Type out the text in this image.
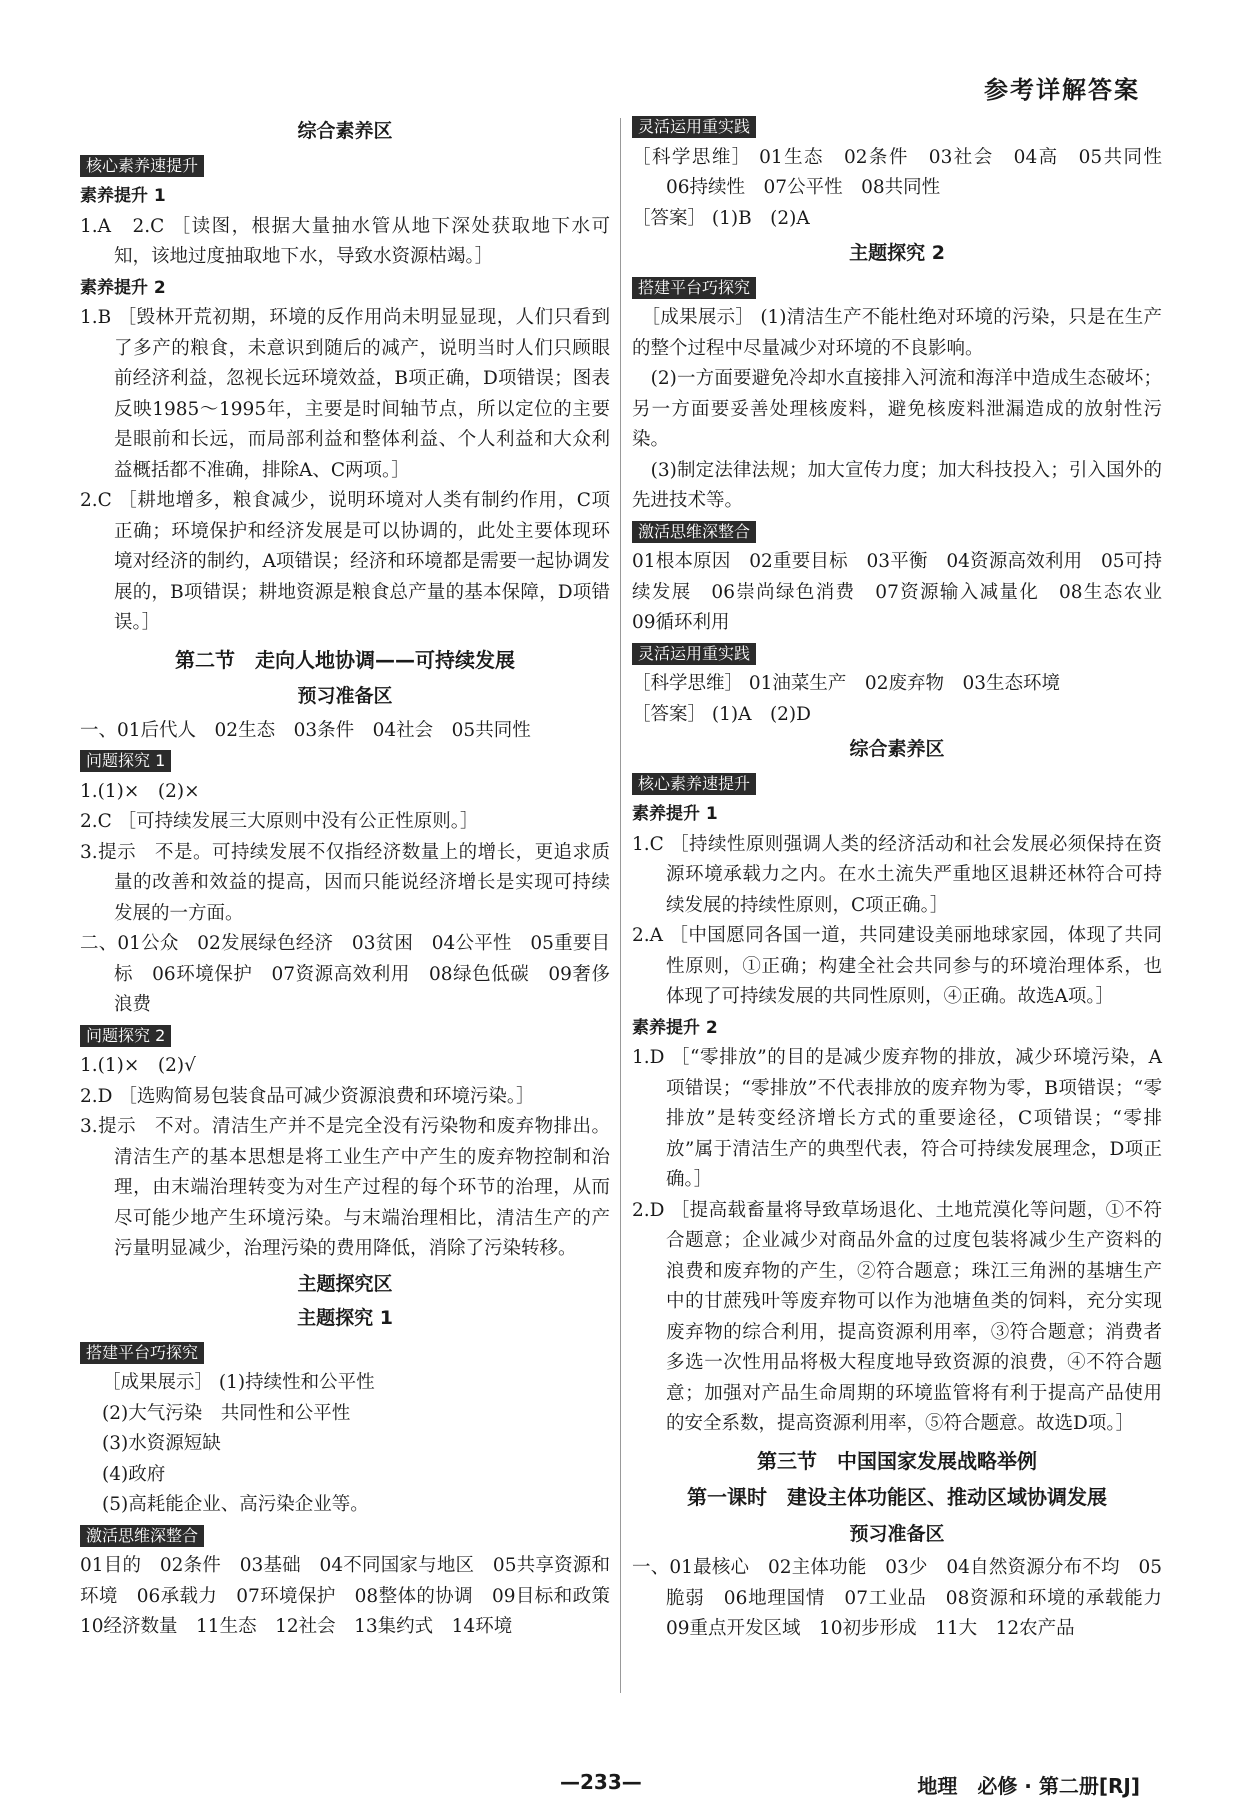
参考详解答案
综合素养区
核心素养速提升
素养提升 1
1.A　2.C ［读图，根据大量抽水管从地下深处获取地下水可知，该地过度抽取地下水，导致水资源枯竭。］
素养提升 2
1.B ［毁林开荒初期，环境的反作用尚未明显显现，人们只看到了多产的粮食，未意识到随后的减产，说明当时人们只顾眼前经济利益，忽视长远环境效益，B项正确，D项错误；图表反映1985～1995年，主要是时间轴节点，所以定位的主要是眼前和长远，而局部利益和整体利益、个人利益和大众利益概括都不准确，排除A、C两项。］
2.C ［耕地增多，粮食减少，说明环境对人类有制约作用，C项正确；环境保护和经济发展是可以协调的，此处主要体现环境对经济的制约，A项错误；经济和环境都是需要一起协调发展的，B项错误；耕地资源是粮食总产量的基本保障，D项错误。］
第二节　走向人地协调——可持续发展
预习准备区
一、01后代人　02生态　03条件　04社会　05共同性
问题探究 1
1.(1)×　(2)×
2.C ［可持续发展三大原则中没有公正性原则。］
3.提示　不是。可持续发展不仅指经济数量上的增长，更追求质量的改善和效益的提高，因而只能说经济增长是实现可持续发展的一方面。
二、01公众　02发展绿色经济　03贫困　04公平性　05重要目标　06环境保护　07资源高效利用　08绿色低碳　09奢侈浪费
问题探究 2
1.(1)×　(2)√
2.D ［选购简易包装食品可减少资源浪费和环境污染。］
3.提示　不对。清洁生产并不是完全没有污染物和废弃物排出。清洁生产的基本思想是将工业生产中产生的废弃物控制和治理，由末端治理转变为对生产过程的每个环节的治理，从而尽可能少地产生环境污染。与末端治理相比，清洁生产的产污量明显减少，治理污染的费用降低，消除了污染转移。
主题探究区
主题探究 1
搭建平台巧探究
［成果展示］ (1)持续性和公平性
(2)大气污染　共同性和公平性
(3)水资源短缺
(4)政府
(5)高耗能企业、高污染企业等。
激活思维深整合
01目的　02条件　03基础　04不同国家与地区　05共享资源和环境　06承载力　07环境保护　08整体的协调　09目标和政策　10经济数量　11生态　12社会　13集约式　14环境
灵活运用重实践
［科学思维］ 01生态　02条件　03社会　04高　05共同性　06持续性　07公平性　08共同性
［答案］ (1)B　(2)A
主题探究 2
搭建平台巧探究
　［成果展示］ (1)清洁生产不能杜绝对环境的污染，只是在生产的整个过程中尽量减少对环境的不良影响。
　(2)一方面要避免冷却水直接排入河流和海洋中造成生态破坏；另一方面要妥善处理核废料，避免核废料泄漏造成的放射性污染。
　(3)制定法律法规；加大宣传力度；加大科技投入；引入国外的先进技术等。
激活思维深整合
01根本原因　02重要目标　03平衡　04资源高效利用　05可持续发展　06崇尚绿色消费　07资源输入减量化　08生态农业　09循环利用
灵活运用重实践
［科学思维］ 01油菜生产　02废弃物　03生态环境
［答案］ (1)A　(2)D
综合素养区
核心素养速提升
素养提升 1
1.C ［持续性原则强调人类的经济活动和社会发展必须保持在资源环境承载力之内。在水土流失严重地区退耕还林符合可持续发展的持续性原则，C项正确。］
2.A ［中国愿同各国一道，共同建设美丽地球家园，体现了共同性原则，①正确；构建全社会共同参与的环境治理体系，也体现了可持续发展的共同性原则，④正确。故选A项。］
素养提升 2
1.D ［“零排放”的目的是减少废弃物的排放，减少环境污染，A项错误；“零排放”不代表排放的废弃物为零，B项错误；“零排放”是转变经济增长方式的重要途径，C项错误；“零排放”属于清洁生产的典型代表，符合可持续发展理念，D项正确。］
2.D ［提高载畜量将导致草场退化、土地荒漠化等问题，①不符合题意；企业减少对商品外盒的过度包装将减少生产资料的浪费和废弃物的产生，②符合题意；珠江三角洲的基塘生产中的甘蔗残叶等废弃物可以作为池塘鱼类的饲料，充分实现废弃物的综合利用，提高资源利用率，③符合题意；消费者多选一次性用品将极大程度地导致资源的浪费，④不符合题意；加强对产品生命周期的环境监管将有利于提高产品使用的安全系数，提高资源利用率，⑤符合题意。故选D项。］
第三节　中国国家发展战略举例
第一课时　建设主体功能区、推动区域协调发展
预习准备区
一、01最核心　02主体功能　03少　04自然资源分布不均　05脆弱　06地理国情　07工业品　08资源和环境的承载能力　09重点开发区域　10初步形成　11大　12农产品
—233—	地理　必修 · 第二册[RJ]
